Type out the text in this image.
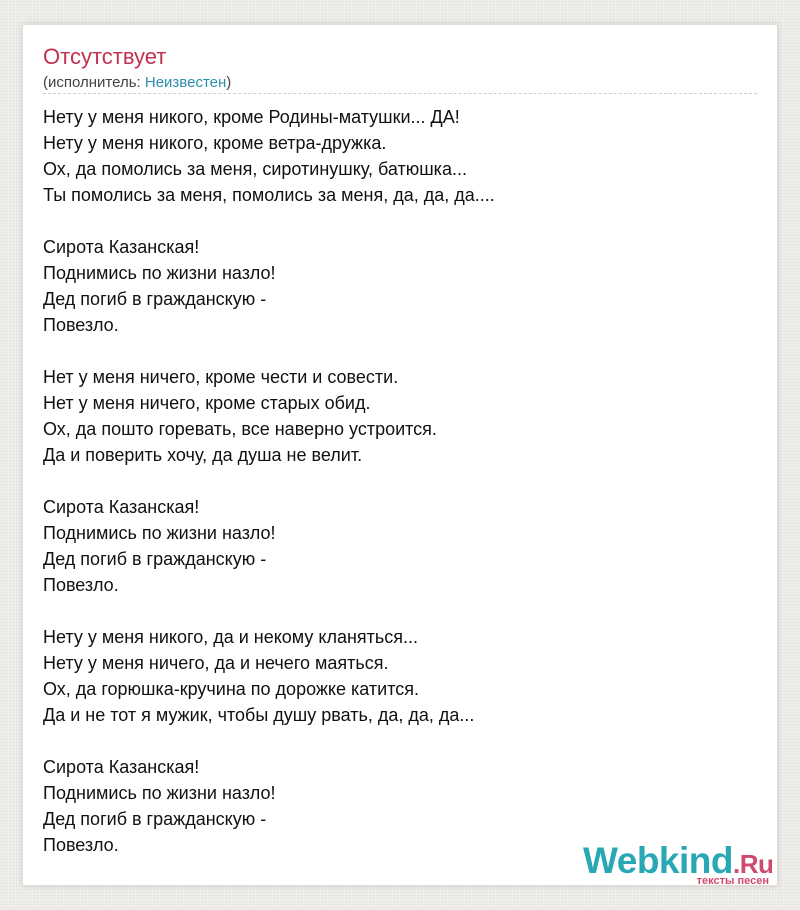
Отсутствует
(исполнитель: Неизвестен)
Нету у меня никого, кроме Родины-матушки... ДА!
Нету у меня никого, кроме ветра-дружка.
Ох, да помолись за меня, сиротинушку, батюшка...
Ты помолись за меня, помолись за меня, да, да, да....
Сирота Казанская!
Поднимись по жизни назло!
Дед погиб в гражданскую -
Повезло.
Нет у меня ничего, кроме чести и совести.
Нет у меня ничего, кроме старых обид.
Ох, да пошто горевать, все наверно устроится.
Да и поверить хочу, да душа не велит.
Сирота Казанская!
Поднимись по жизни назло!
Дед погиб в гражданскую -
Повезло.
Нету у меня никого, да и некому кланяться...
Нету у меня ничего, да и нечего маяться.
Ох, да горюшка-кручина по дорожке катится.
Да и не тот я мужик, чтобы душу рвать, да, да, да...
Сирота Казанская!
Поднимись по жизни назло!
Дед погиб в гражданскую -
Повезло.	Webkind.Ru
тексты песен
